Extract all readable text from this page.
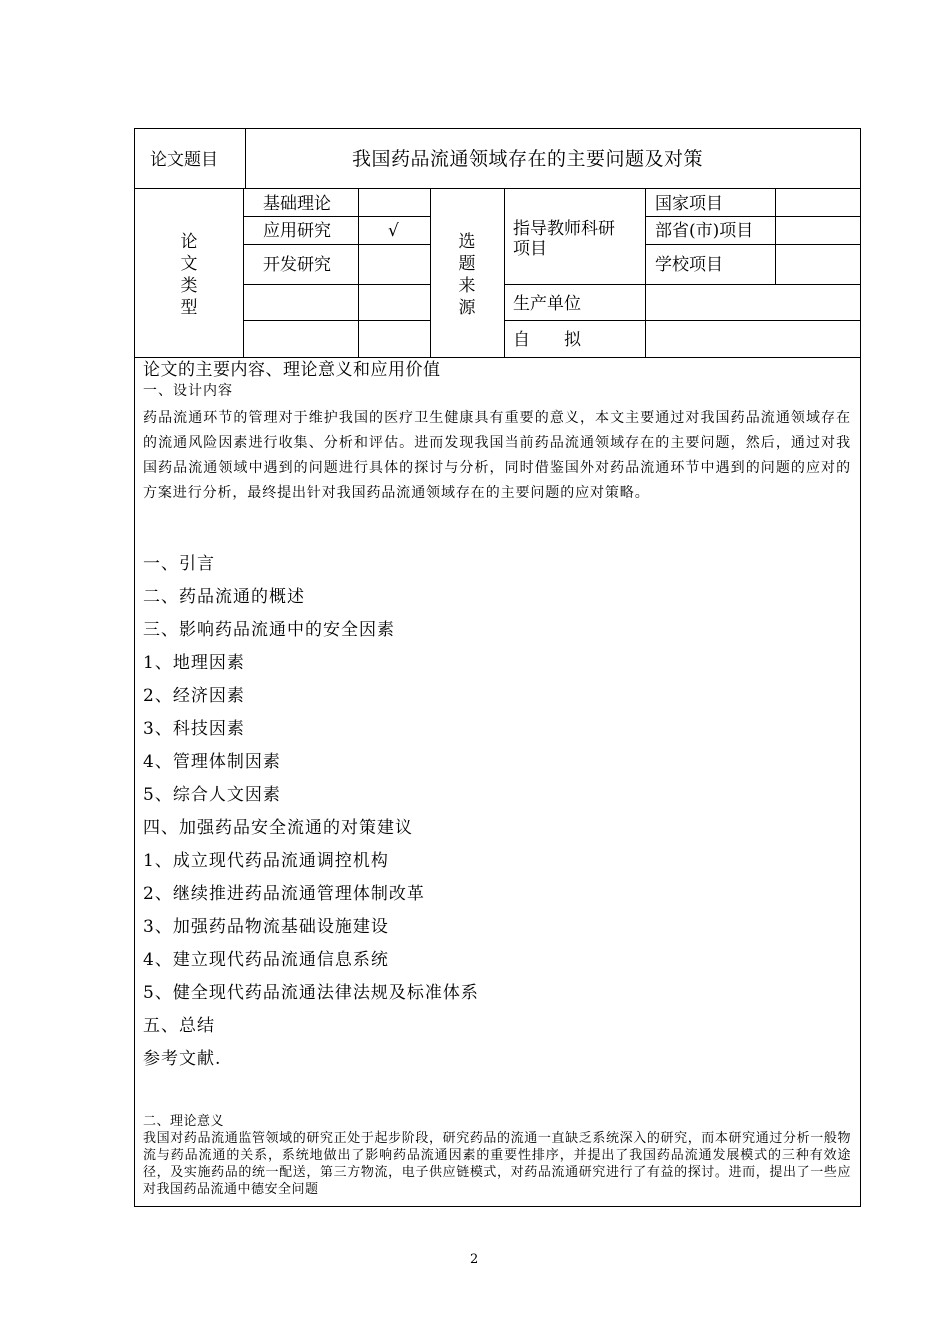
论文题目	我国药品流通领域存在的主要问题及对策
论
文
类
型
基础理论
应用研究	√
开发研究
选
题
来
源
指导教师科研
项目
国家项目
部省(市)项目
学校项目
生产单位
自　　拟
论文的主要内容、理论意义和应用价值
一、设计内容
药品流通环节的管理对于维护我国的医疗卫生健康具有重要的意义，本文主要通过对我国药品流通领域存在的流通风险因素进行收集、分析和评估。进而发现我国当前药品流通领域存在的主要问题，然后，通过对我国药品流通领域中遇到的问题进行具体的探讨与分析，同时借鉴国外对药品流通环节中遇到的问题的应对的方案进行分析，最终提出针对我国药品流通领域存在的主要问题的应对策略。
一、引言
二、药品流通的概述
三、影响药品流通中的安全因素
1、地理因素
2、经济因素
3、科技因素
4、管理体制因素
5、综合人文因素
四、加强药品安全流通的对策建议
1、成立现代药品流通调控机构
2、继续推进药品流通管理体制改革
3、加强药品物流基础设施建设
4、建立现代药品流通信息系统
5、健全现代药品流通法律法规及标准体系
五、总结
参考文献.
二、理论意义
我国对药品流通监管领域的研究正处于起步阶段，研究药品的流通一直缺乏系统深入的研究，而本研究通过分析一般物流与药品流通的关系，系统地做出了影响药品流通因素的重要性排序，并提出了我国药品流通发展模式的三种有效途径，及实施药品的统一配送，第三方物流，电子供应链模式，对药品流通研究进行了有益的探讨。进而，提出了一些应对我国药品流通中德安全问题
2
